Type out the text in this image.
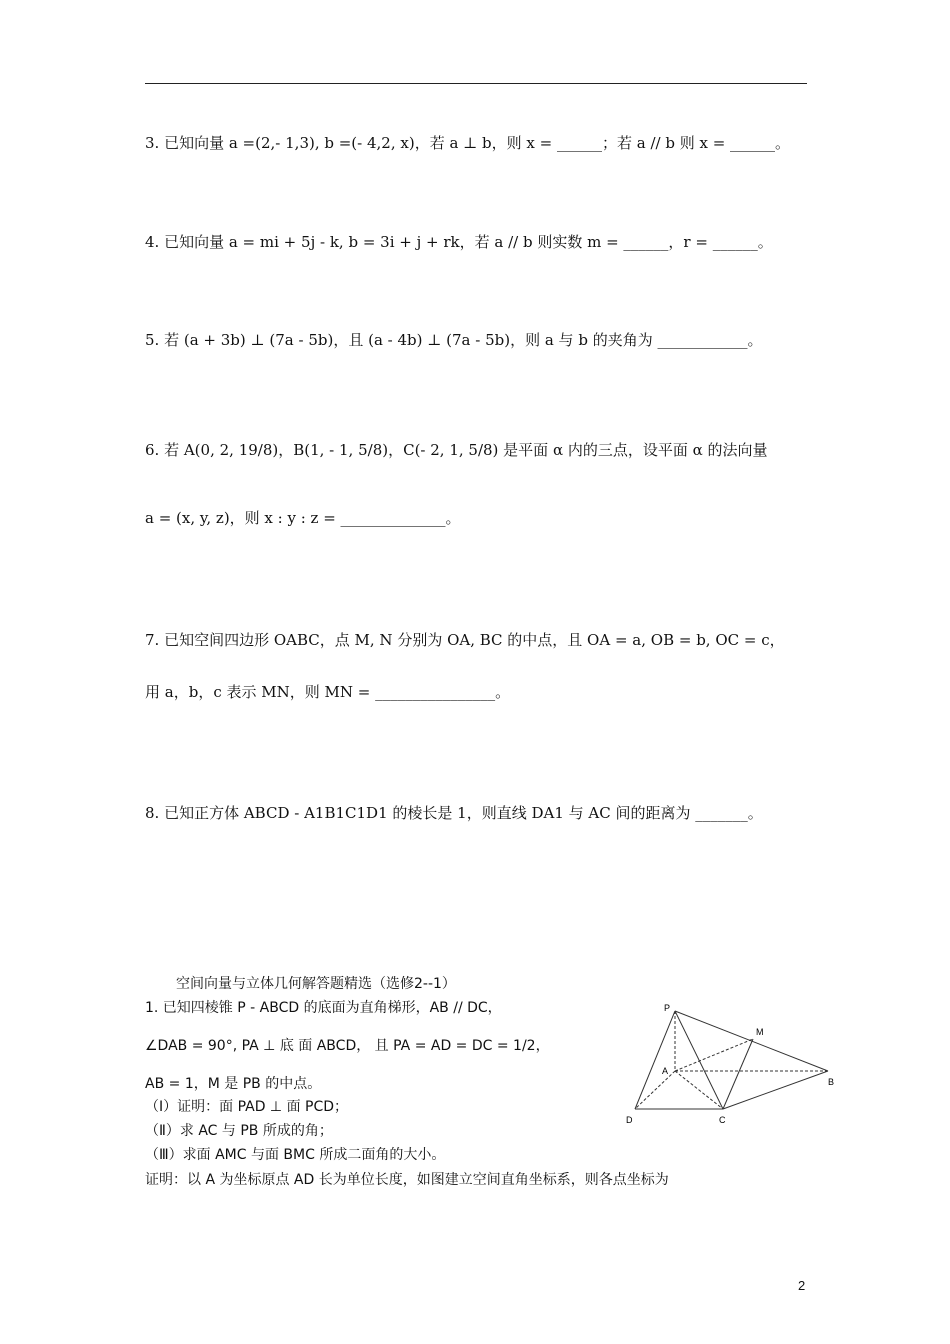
3. 已知向量 a =(2,- 1,3), b =(- 4,2, x)，若 a ⊥ b，则 x = ______；若 a // b 则 x = ______。
4. 已知向量 a = mi + 5j - k, b = 3i + j + rk，若 a // b 则实数 m = ______，r = ______。
5. 若 (a + 3b) ⊥ (7a - 5b)，且 (a - 4b) ⊥ (7a - 5b)，则 a 与 b 的夹角为 ____________。
6. 若 A(0, 2, 19/8)，B(1, - 1, 5/8)，C(- 2, 1, 5/8) 是平面 α 内的三点，设平面 α 的法向量
a = (x, y, z)，则 x : y : z = ______________。
7. 已知空间四边形 OABC，点 M, N 分别为 OA, BC 的中点，且 OA = a, OB = b, OC = c，
用 a，b，c 表示 MN，则 MN = ________________。
8. 已知正方体 ABCD - A1B1C1D1 的棱长是 1，则直线 DA1 与 AC 间的距离为 _______。
空间向量与立体几何解答题精选（选修2--1）
1. 已知四棱锥 P - ABCD 的底面为直角梯形，AB // DC，
∠DAB = 90°, PA ⊥ 底 面 ABCD， 且 PA = AD = DC = 1/2，
AB = 1，M 是 PB 的中点。
（Ⅰ）证明：面 PAD ⊥ 面 PCD；
（Ⅱ）求 AC 与 PB 所成的角；
（Ⅲ）求面 AMC 与面 BMC 所成二面角的大小。
证明：以 A 为坐标原点 AD 长为单位长度，如图建立空间直角坐标系，则各点坐标为
P
M
A
B
D	C
2
